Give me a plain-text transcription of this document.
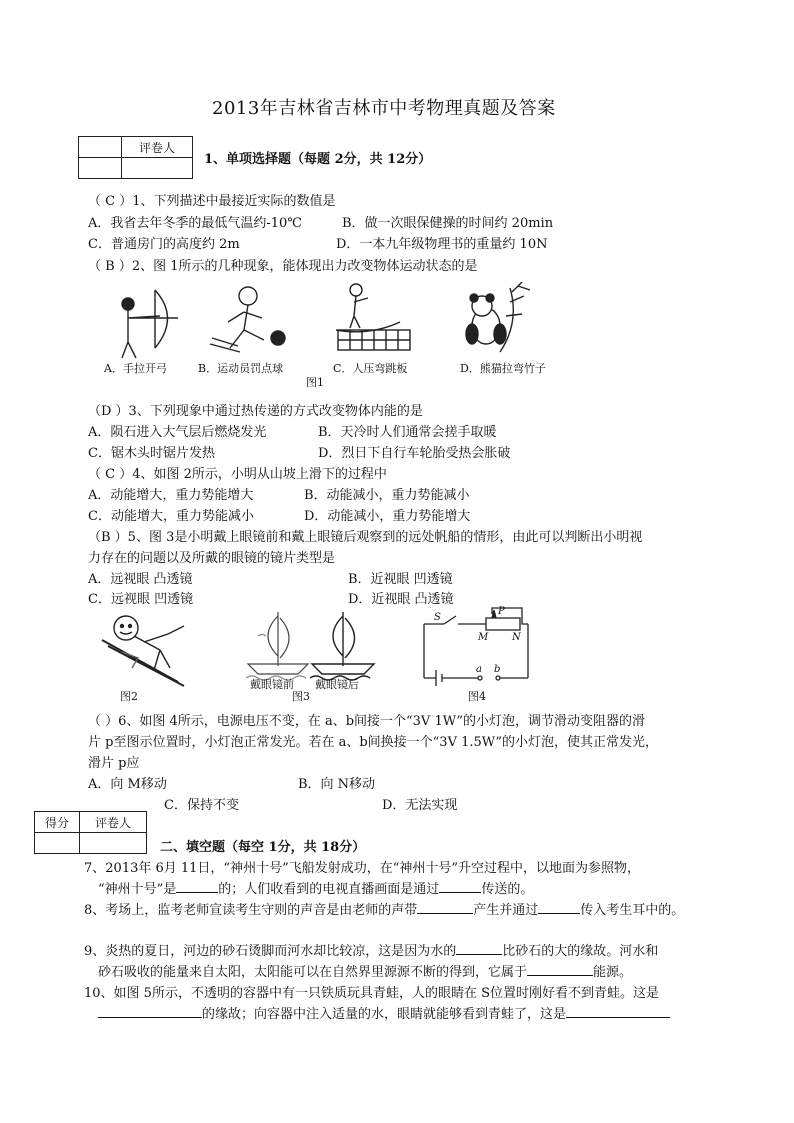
2013年吉林省吉林市中考物理真题及答案
	评卷人

1、单项选择题（每题 2分，共 12分）
（ C ）1、下列描述中最接近实际的数值是
A．我省去年冬季的最低气温约-10℃	B．做一次眼保健操的时间约 20min
C．普通房门的高度约 2m	D．一本九年级物理书的重量约 10N
（ B ）2、图 1所示的几种现象，能体现出力改变物体运动状态的是
A．手拉开弓	B．运动员罚点球	C．人压弯跳板	D．熊猫拉弯竹子
图1
（D ）3、下列现象中通过热传递的方式改变物体内能的是
A．陨石进入大气层后燃烧发光	B．天冷时人们通常会搓手取暖
C．锯木头时锯片发热	D．烈日下自行车轮胎受热会胀破
（ C ）4、如图 2所示，小明从山坡上滑下的过程中
A．动能增大，重力势能增大	B．动能减小，重力势能减小
C．动能增大，重力势能减小	D．动能减小，重力势能增大
（B ）5、图 3是小明戴上眼镜前和戴上眼镜后观察到的远处帆船的情形，由此可以判断出小明视
力存在的问题以及所戴的眼镜的镜片类型是
A．远视眼 凸透镜	B．近视眼 凹透镜
C．远视眼 凹透镜	D．近视眼 凸透镜
S
P
M N
a b
图2
戴眼镜前
图3
戴眼镜后
图4
（ ）6、如图 4所示，电源电压不变，在 a、b间接一个“3V 1W”的小灯泡，调节滑动变阻器的滑
片 p至图示位置时，小灯泡正常发光。若在 a、b间换接一个“3V 1.5W”的小灯泡，使其正常发光，
滑片 p应
A．向 M移动	B．向 N移动
C．保持不变	D．无法实现
得分	评卷人

二、填空题（每空 1分，共 18分）
7、2013年 6月 11日，“神州十号”飞船发射成功，在“神州十号”升空过程中，以地面为参照物，
“神州十号”是	的；人们收看到的电视直播画面是通过	传送的。
8、考场上，监考老师宣读考生守则的声音是由老师的声带	产生并通过	传入考生耳中的。
9、炎热的夏日，河边的砂石烫脚而河水却比较凉，这是因为水的	比砂石的大的缘故。河水和
砂石吸收的能量来自太阳，太阳能可以在自然界里源源不断的得到，它属于	能源。
10、如图 5所示，不透明的容器中有一只铁质玩具青蛙，人的眼睛在 S位置时刚好看不到青蛙。这是
的缘故；向容器中注入适量的水，眼睛就能够看到青蛙了，这是
